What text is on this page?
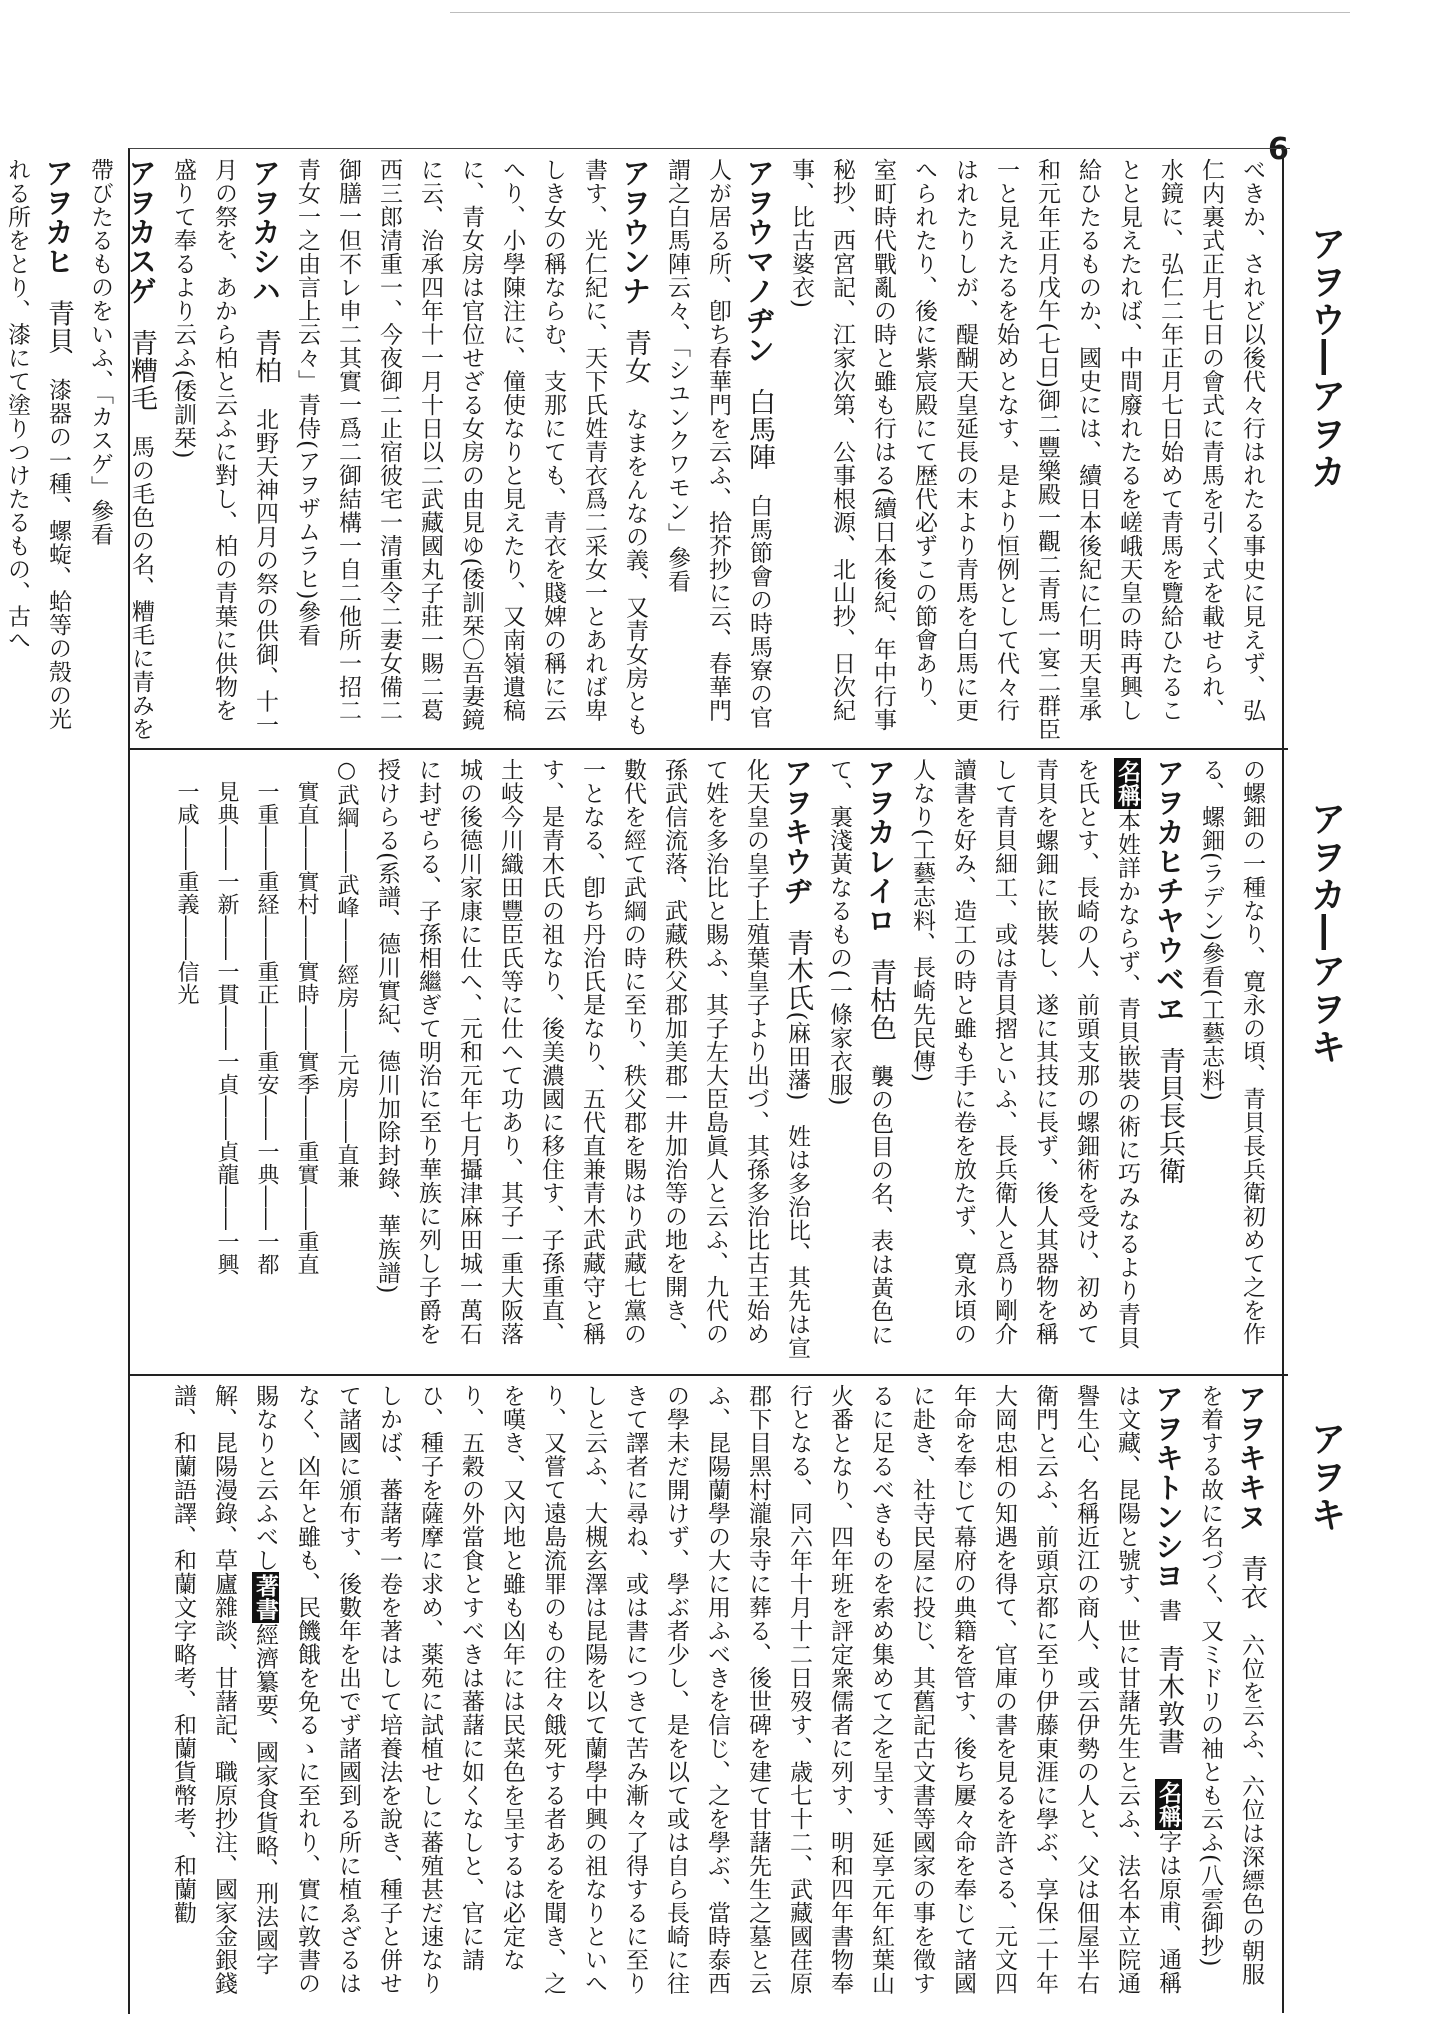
6
アヲウ―アヲカ
アヲカ―アヲキ
アヲキ

べきか、されど以後代々行はれたる事史に見えず、弘仁内裏式正月七日の會式に青馬を引く式を載せられ、水鏡に、弘仁二年正月七日始めて青馬を覽給ひたることと見えたれば、中間廢れたるを嵯峨天皇の時再興し給ひたるものか、國史には、續日本後紀に仁明天皇承和元年正月戊午(七日)御二豐樂殿一觀二青馬一宴二群臣一と見えたるを始めとなす、是より恒例として代々行はれたりしが、醍醐天皇延長の末より青馬を白馬に更へられたり、後に紫宸殿にて歴代必ずこの節會あり、室町時代戰亂の時と雖も行はる(續日本後紀、年中行事秘抄、西宮記、江家次第、公事根源、北山抄、日次紀事、比古婆衣)

アヲウマノヂン　白馬陣　白馬節會の時馬寮の官人が居る所、卽ち春華門を云ふ、拾芥抄に云、春華門謂之白馬陣云々、「シユンクワモン」參看

アヲウンナ　青女　なまをんなの義、又青女房とも書す、光仁紀に、天下氏姓青衣爲二采女一とあれば卑しき女の稱ならむ、支那にても、青衣を賤婢の稱に云へり、小學陳注に、僮使なりと見えたり、又南嶺遺稿に、青女房は官位せざる女房の由見ゆ(倭訓栞〇吾妻鏡に云、治承四年十一月十日以二武藏國丸子莊一賜二葛西三郎清重一、今夜御二止宿彼宅一清重令二妻女備二御膳一但不レ申二其實一爲二御結構一自二他所一招二青女一之由言上云々」青侍(アヲザムラヒ)參看

アヲカシハ　青柏　北野天神四月の祭の供御、十一月の祭を、あから柏と云ふに對し、柏の青葉に供物を盛りて奉るより云ふ(倭訓栞)

アヲカスゲ　青糟毛　馬の毛色の名、糟毛に青みを帶びたるものをいふ、「カスゲ」參看

アヲカヒ　青貝　漆器の一種、螺蜁、蛤等の殼の光れる所をとり、漆にて塗りつけたるもの、古へ

の螺鈿の一種なり、寛永の頃、青貝長兵衛初めて之を作る、螺鈿(ラデン)參看(工藝志料)

アヲカヒチヤウベヱ　青貝長兵衛
名稱本姓詳かならず、青貝嵌裝の術に巧みなるより青貝を氏とす、長崎の人、前頭支那の螺鈿術を受け、初めて青貝を螺鈿に嵌裝し、遂に其技に長ず、後人其器物を稱して青貝細工、或は青貝摺といふ、長兵衛人と爲り剛介讀書を好み、造工の時と雖も手に卷を放たず、寛永頃の人なり(工藝志料、長崎先民傳)

アヲカレイロ　青枯色　襲の色目の名、表は黃色にて、裏淺黃なるもの(一條家衣服)

アヲキウヂ　青木氏(麻田藩)　姓は多治比、其先は宣化天皇の皇子上殖葉皇子より出づ、其孫多治比古王始めて姓を多治比と賜ふ、其子左大臣島眞人と云ふ、九代の孫武信流落、武藏秩父郡加美郡一井加治等の地を開き、數代を經て武綱の時に至り、秩父郡を賜はり武藏七黨の一となる、卽ち丹治氏是なり、五代直兼青木武藏守と稱す、是青木氏の祖なり、後美濃國に移住す、子孫重直、土岐今川織田豐臣氏等に仕へて功あり、其子一重大阪落城の後德川家康に仕へ、元和元年七月攝津麻田城一萬石に封ぜらる、子孫相繼ぎて明治に至り華族に列し子爵を授けらる(系譜、德川實紀、德川加除封錄、華族譜)

○武綱――武峰――經房――元房――直兼
　實直――實村――實時――實季――重實――重直
　一重――重経――重正――重安――一典――一都
　見典――一新――一貫――一貞――貞龍――一興
　一咸――重義――信光

アヲキキヌ　青衣　六位を云ふ、六位は深縹色の朝服を着する故に名づく、又ミドリの袖とも云ふ(八雲御抄)

アヲキトンシヨ 書　青木敦書　名稱字は原甫、通稱は文藏、昆陽と號す、世に甘藷先生と云ふ、法名本立院通譽生心、名稱近江の商人、或云伊勢の人と、父は佃屋半右衛門と云ふ、前頭京都に至り伊藤東涯に學ぶ、享保二十年大岡忠相の知遇を得て、官庫の書を見るを許さる、元文四年命を奉じて幕府の典籍を管す、後ち屢々命を奉じて諸國に赴き、社寺民屋に投じ、其舊記古文書等國家の事を徵するに足るべきものを索め集めて之を呈す、延享元年紅葉山火番となり、四年班を評定衆儒者に列す、明和四年書物奉行となる、同六年十月十二日歿す、歳七十二、武藏國荏原郡下目黑村瀧泉寺に葬る、後世碑を建て甘藷先生之墓と云ふ、昆陽蘭學の大に用ふべきを信じ、之を學ぶ、當時泰西の學未だ開けず、學ぶ者少し、是を以て或は自ら長崎に往きて譯者に尋ね、或は書につきて苦み漸々了得するに至りしと云ふ、大槻玄澤は昆陽を以て蘭學中興の祖なりといへり、又嘗て遠島流罪のもの往々餓死する者あるを聞き、之を嘆き、又內地と雖も凶年には民菜色を呈するは必定なり、五穀の外當食とすべきは蕃藷に如くなしと、官に請ひ、種子を薩摩に求め、薬苑に試植せしに蕃殖甚だ速なりしかば、蕃藷考一卷を著はして培養法を說き、種子と併せて諸國に頒布す、後數年を出でず諸國到る所に植ゑざるはなく、凶年と雖も、民饑餓を免るゝに至れり、實に敦書の賜なりと云ふべし著書經濟纂要、國家食貨略、刑法國字解、昆陽漫錄、草廬雜談、甘藷記、職原抄注、國家金銀錢譜、和蘭語譯、和蘭文字略考、和蘭貨幣考、和蘭勸
